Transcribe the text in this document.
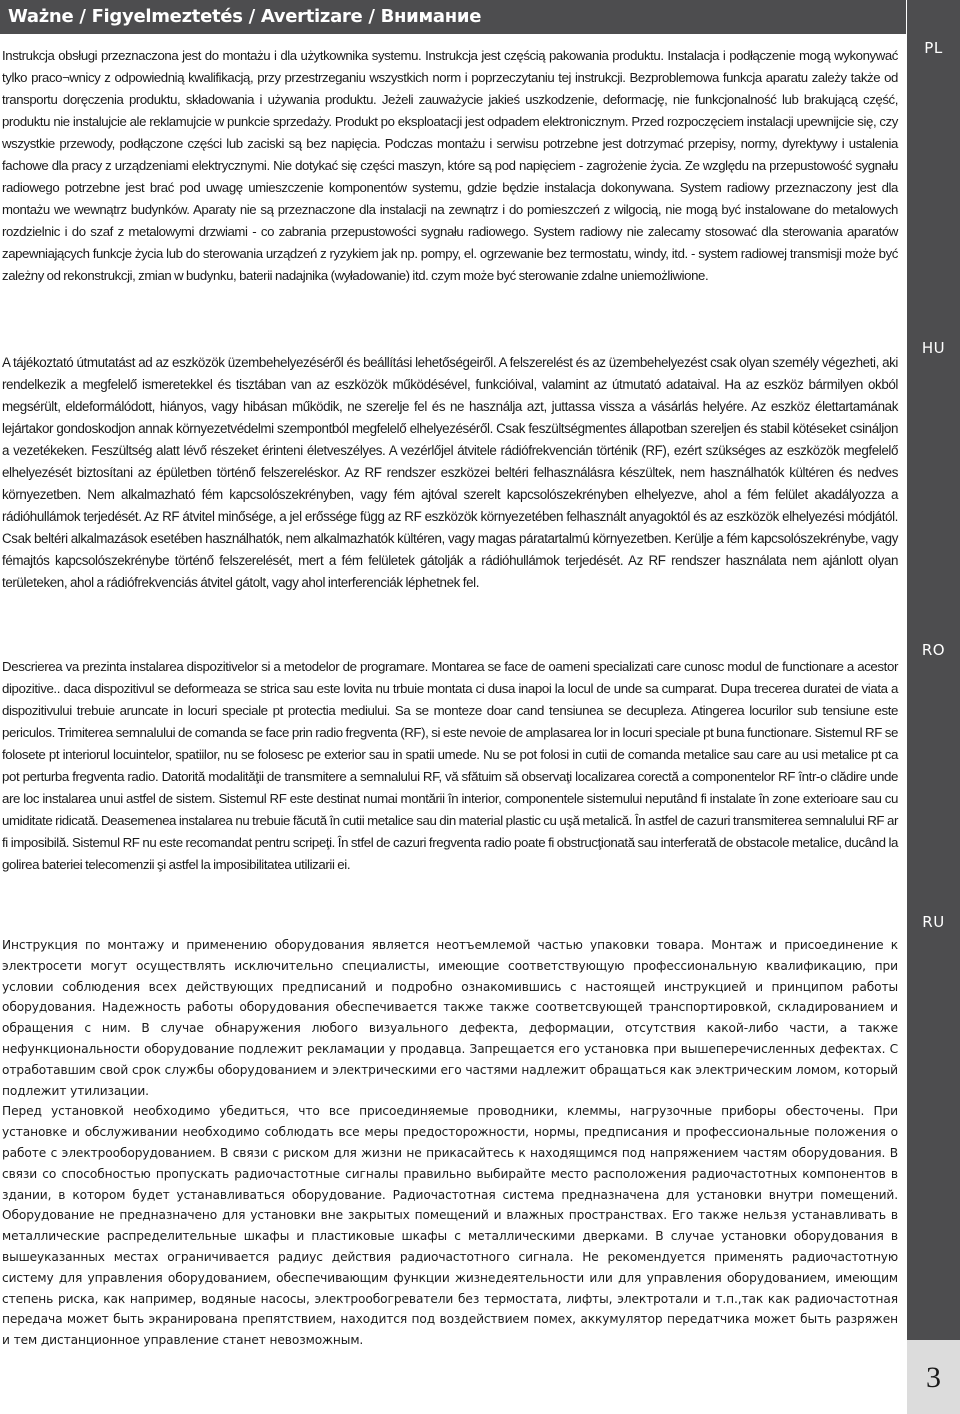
Ważne / Figyelmeztetés / Avertizare / Внимание
PL
HU
RO
RU
3

Instrukcja obsługi przeznaczona jest do montażu i dla użytkownika systemu. Instrukcja jest częścią pakowania produktu. Instalacja i podłączenie mogą wykonywać tylko praco¬wnicy z odpowiednią kwalifikacją, przy przestrzeganiu wszystkich norm i poprzeczytaniu tej instrukcji. Bezproblemowa funkcja aparatu zależy także od transportu doręczenia produktu, składowania i używania produktu. Jeżeli zauważycie jakieś uszkodzenie, deformację, nie funkcjonalność lub brakującą część, produktu nie instalujcie ale reklamujcie w punkcie sprzedaży. Produkt po eksploatacji jest odpadem elektronicznym. Przed rozpoczęciem instalacji upewnijcie się, czy wszystkie przewody, podłączone części lub zaciski są bez napięcia. Podczas montażu i serwisu potrzebne jest dotrzymać przepisy, normy, dyrektywy i ustalenia fachowe dla pracy z urządzeniami elektrycznymi. Nie dotykać się części maszyn, które są pod napięciem - zagrożenie życia. Ze względu na przepustowość sygnału radiowego potrzebne jest brać pod uwagę umieszczenie komponentów systemu, gdzie będzie instalacja dokonywana. System radiowy przeznaczony jest dla montażu we wewnątrz budynków. Aparaty nie są przeznaczone dla instalacji na zewnątrz i do pomieszczeń z wilgocią, nie mogą być instalowane do metalowych rozdzielnic i do szaf z metalowymi drzwiami - co zabrania przepustowości sygnału radiowego. System radiowy nie zalecamy stosować dla sterowania aparatów zapewniających funkcje życia lub do sterowania urządzeń z ryzykiem jak np. pompy, el. ogrzewanie bez termostatu, windy, itd. - system radiowej transmisji może być zależny od rekonstrukcji, zmian w budynku, baterii nadajnika (wyładowanie) itd. czym może być sterowanie zdalne uniemożliwione.

A tájékoztató útmutatást ad az eszközök üzembehelyezéséről és beállítási lehetőségeiről. A felszerelést és az üzembehelyezést csak olyan személy végezheti, aki rendelkezik a megfelelő ismeretekkel és tisztában van az eszközök működésével, funkcióival, valamint az útmutató adataival. Ha az eszköz bármilyen okból megsérült, eldeformálódott, hiányos, vagy hibásan működik, ne szerelje fel és ne használja azt, juttassa vissza a vásárlás helyére. Az eszköz élettartamának lejártakor gondoskodjon annak környezetvédelmi szempontból megfelelő elhelyezéséről. Csak feszültségmentes állapotban szereljen és stabil kötéseket csináljon a vezetékeken. Feszültség alatt lévő részeket érinteni életveszélyes. A vezérlőjel átvitele rádiófrekvencián történik (RF), ezért szükséges az eszközök megfelelő elhelyezését biztosítani az épületben történő felszereléskor. Az RF rendszer eszközei beltéri felhasználásra készültek, nem használhatók kültéren és nedves környezetben. Nem alkalmazható fém kapcsolószekrényben, vagy fém ajtóval szerelt kapcsolószekrényben elhelyezve, ahol a fém felület akadályozza a rádióhullámok terjedését. Az RF átvitel minősége, a jel erőssége függ az RF eszközök környezetében felhasznált anyagoktól és az eszközök elhelyezési módjától. Csak beltéri alkalmazások esetében használhatók, nem alkalmazhatók kültéren, vagy magas páratartalmú környezetben. Kerülje a fém kapcsolószekrénybe, vagy fémajtós kapcsolószekrénybe történő felszerelését, mert a fém felületek gátolják a rádióhullámok terjedését. Az RF rendszer használata nem ajánlott olyan területeken, ahol a rádiófrekvenciás átvitel gátolt, vagy ahol interferenciák léphetnek fel.

Descrierea va prezinta instalarea dispozitivelor si a metodelor de programare. Montarea se face de oameni specializati care cunosc modul de functionare a acestor dipozitive.. daca dispozitivul se deformeaza se strica sau este lovita nu trbuie montata ci dusa inapoi la locul de unde sa cumparat. Dupa trecerea duratei de viata a dispozitivului trebuie aruncate in locuri speciale pt protectia mediului. Sa se monteze doar cand tensiunea se decupleza. Atingerea locurilor sub tensiune este periculos. Trimiterea semnalului de comanda se face prin radio fregventa (RF), si este nevoie de amplasarea lor in locuri speciale pt buna functionare. Sistemul RF se folosete pt interiorul locuintelor, spatiilor, nu se folosesc pe exterior sau in spatii umede. Nu se pot folosi in cutii de comanda metalice sau care au usi metalice pt ca pot perturba fregventa radio. Datorită modalităţii de transmitere a semnalului RF, vă sfătuim să observaţi localizarea corectă a componentelor RF într-o clădire unde are loc instalarea unui astfel de sistem. Sistemul RF este destinat numai montării în interior, componentele sistemului neputând fi instalate în zone exterioare sau cu umiditate ridicată. Deasemenea instalarea nu trebuie făcută în cutii metalice sau din material plastic cu uşă metalică. În astfel de cazuri transmiterea semnalului RF ar fi imposibilă. Sistemul RF nu este recomandat pentru scripeţi. În stfel de cazuri fregventa radio poate fi obstrucţionată sau interferată de obstacole metalice, ducând la golirea bateriei telecomenzii şi astfel la imposibilitatea utilizarii ei.

Инструкция по монтажу и применению оборудования является неотъемлемой частью упаковки товара. Монтаж и присоединение к электросети могут осуществлять исключительно специалисты, имеющие соответствующую профессиональную квалификацию, при условии соблюдения всех действующих предписаний и подробно ознакомившись с настоящей инструкцией и принципом работы оборудования. Надежность работы оборудования обеспечивается также также соответсвующей транспортировкой, складированием и обращения с ним. В случае обнаружения любого визуального дефекта, деформации, отсутствия какой-либо части, а также нефункциональности оборудование подлежит рекламации у продавца. Запрещается его установка при вышеперечисленных дефектах. С отработавшим свой срок службы оборудованием и электрическими его частями надлежит обращаться как электрическим ломом, который подлежит утилизации.

Перед установкой необходимо убедиться, что все присоединяемые проводники, клеммы, нагрузочные приборы обесточены. При установке и обслуживании необходимо соблюдать все меры предосторожности, нормы, предписания и профессиональные положения о работе с электрооборудованием. В связи с риском для жизни не прикасайтесь к находящимся под напряжением частям оборудования. В связи со способностью пропускать радиочастотные сигналы правильно выбирайте место расположения радиочастотных компонентов в здании, в котором будет устанавливаться оборудование. Радиочастотная система предназначена для установки внутри помещений. Оборудование не предназначено для установки вне закрытых помещений и влажных пространствах. Его также нельзя устанавливать в металлические распределительные шкафы и пластиковые шкафы с металлическими дверками. В случае установки оборудования в вышеуказанных местах ограничивается радиус действия радиочастотного сигнала. Не рекомендуется применять радиочастотную систему для управления оборудованием, обеспечивающим функции жизнедеятельности или для управления оборудованием, имеющим степень риска, как например, водяные насосы, электрообогреватели без термостата, лифты, электротали и т.п.,так как радиочастотная передача может быть экранирована препятствием, находится под воздействием помех, аккумулятор передатчика может быть разряжен и тем дистанционное управление станет невозможным.
